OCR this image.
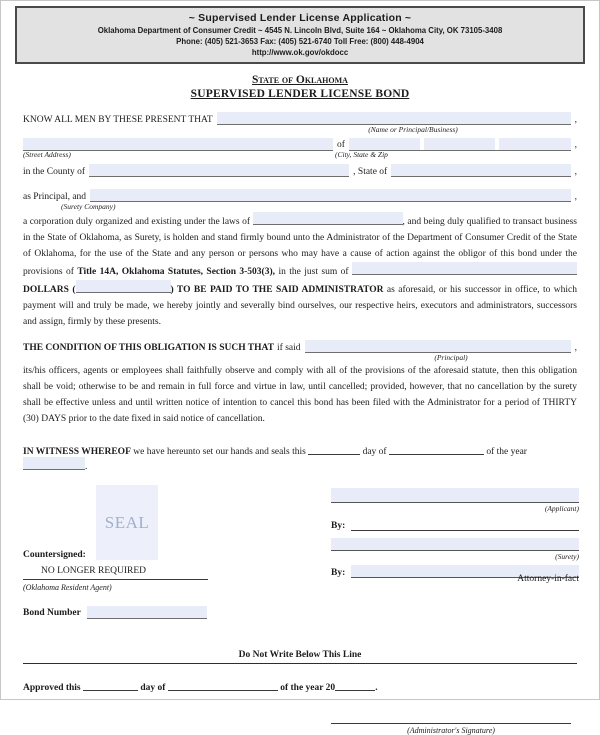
~ Supervised Lender License Application ~
Oklahoma Department of Consumer Credit ~ 4545 N. Lincoln Blvd, Suite 164 ~ Oklahoma City, OK 73105-3408
Phone: (405) 521-3653 Fax: (405) 521-6740 Toll Free: (800) 448-4904
http://www.ok.gov/okdocc
State of Oklahoma
SUPERVISED LENDER LICENSE BOND
KNOW ALL MEN BY THESE PRESENT THAT	,
(Name or Principal/Business)
of	,
(Street Address)	(City, State & Zip
in the County of	, State of	,
as Principal, and	,
(Surety Company)
a corporation duly organized and existing under the laws of	, and being duly qualified to transact business in the State of Oklahoma, as Surety, is holden and stand firmly bound unto the Administrator of the Department of Consumer Credit of the State of Oklahoma, for the use of the State and any person or persons who may have a cause of action against the obligor of this bond under the provisions of Title 14A, Oklahoma Statutes, Section 3-503(3), in the just sum of  DOLLARS (	) TO BE PAID TO THE SAID ADMINISTRATOR as aforesaid, or his successor in office, to which payment will and truly be made, we hereby jointly and severally bind ourselves, our respective heirs, executors and administrators, successors and assign, firmly by these presents.
THE CONDITION OF THIS OBLIGATION IS SUCH THAT if said	,
(Principal)
its/his officers, agents or employees shall faithfully observe and comply with all of the provisions of the aforesaid statute, then this obligation shall be void; otherwise to be and remain in full force and virtue in law, until cancelled; provided, however, that no cancellation by the surety shall be effective unless and until written notice of intention to cancel this bond has been filed with the Administrator for a period of THIRTY (30) DAYS prior to the date fixed in said notice of cancellation.
IN WITNESS WHEREOF we have hereunto set our hands and seals this	day of	of the year .
SEAL
(Applicant)
By:
(Surety)
By:
Attorney-in-fact
Countersigned:
NO LONGER REQUIRED
(Oklahoma Resident Agent)
Bond Number
Do Not Write Below This Line
Approved this	day of	of the year 20	.
(Administrator's Signature)
